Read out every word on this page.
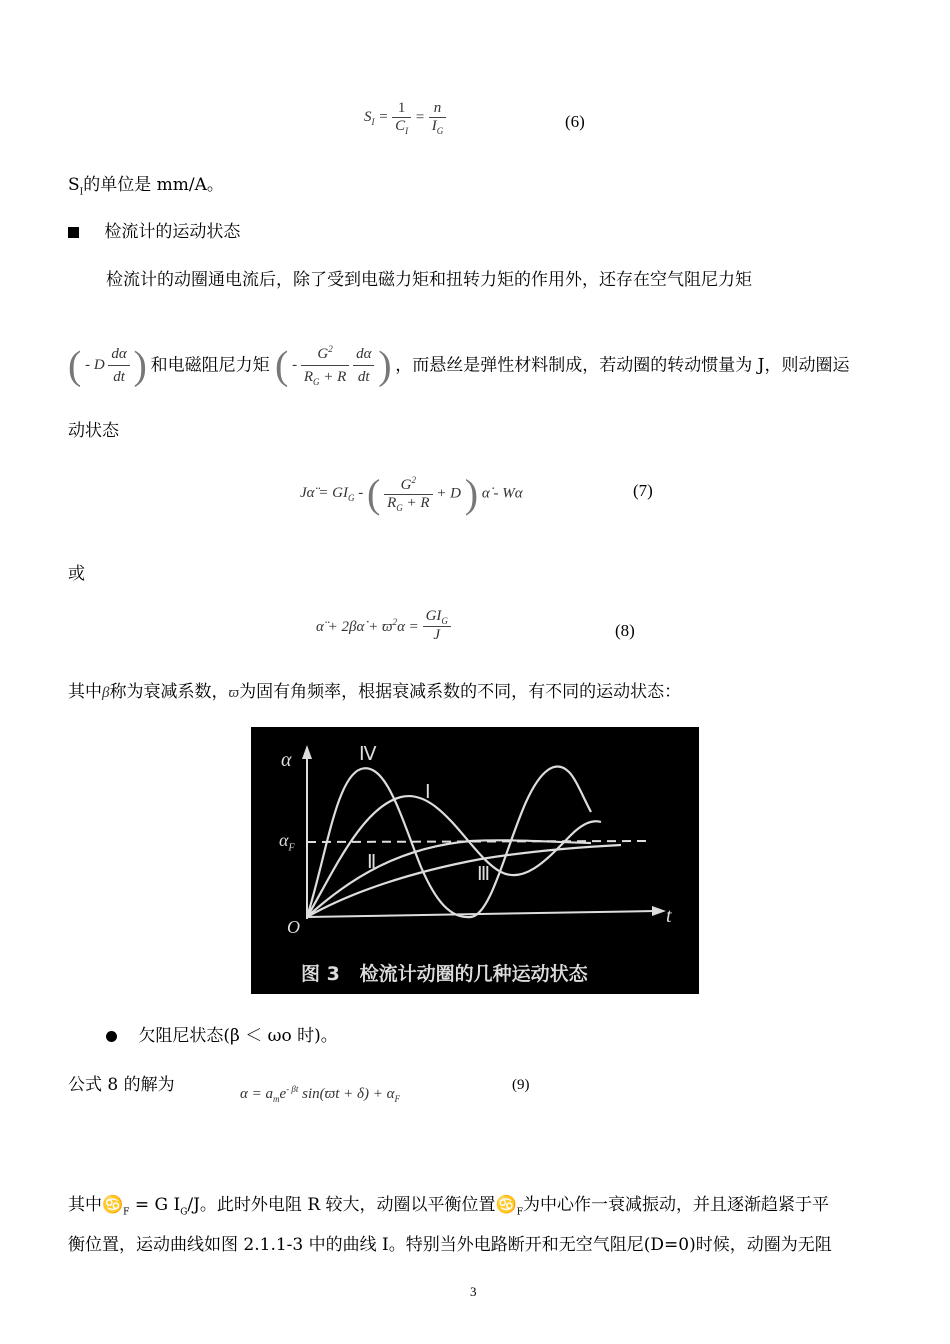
$S_I = \frac{1}{C_I} = \frac{n}{I_G}$	(6)
$S_I$的单位是 mm/A。
检流计的运动状态
检流计的动圈通电流后，除了受到电磁力矩和扭转力矩的作用外，还存在空气阻尼力矩
( - D $\frac{d\alpha}{dt}$ ) 和电磁阻尼力矩 ( - $\frac{G^2}{R_G + R}$
$\frac{d\alpha}{dt}$ ) ，而悬丝是弹性材料制成，若动圈的转动惯量为 J，则动圈运
动状态
Jα̈ = $GI_G$ - ( $\frac{G^2}{R_G + R} + D$ ) α̇ - Wα	(7)
或
α̈ + 2βα̇ + $ϖ^2\alpha = \frac{GI_G}{J}$	(8)
其中β称为衰减系数，ϖ为固有角频率，根据衰减系数的不同，有不同的运动状态：
α
t
O
$\alpha_F$
Ⅳ
Ⅰ
Ⅱ
Ⅲ
图 3   检流计动圈的几种运动状态
欠阻尼状态(β ＜ ωo 时)。
公式 8 的解为	$\alpha = a_me^{- \beta t}$ $\sin(ϖt + \delta) + \alpha_F$
(9)
其中$♋_F = G$ $I_G/J$。此时外电阻 R 较大，动圈以平衡位置$♋_F$为中心作一衰减振动，并且逐渐趋紧于平
衡位置，运动曲线如图 2.1.1-3 中的曲线 I。特别当外电路断开和无空气阻尼(D=0)时候，动圈为无阻
3
